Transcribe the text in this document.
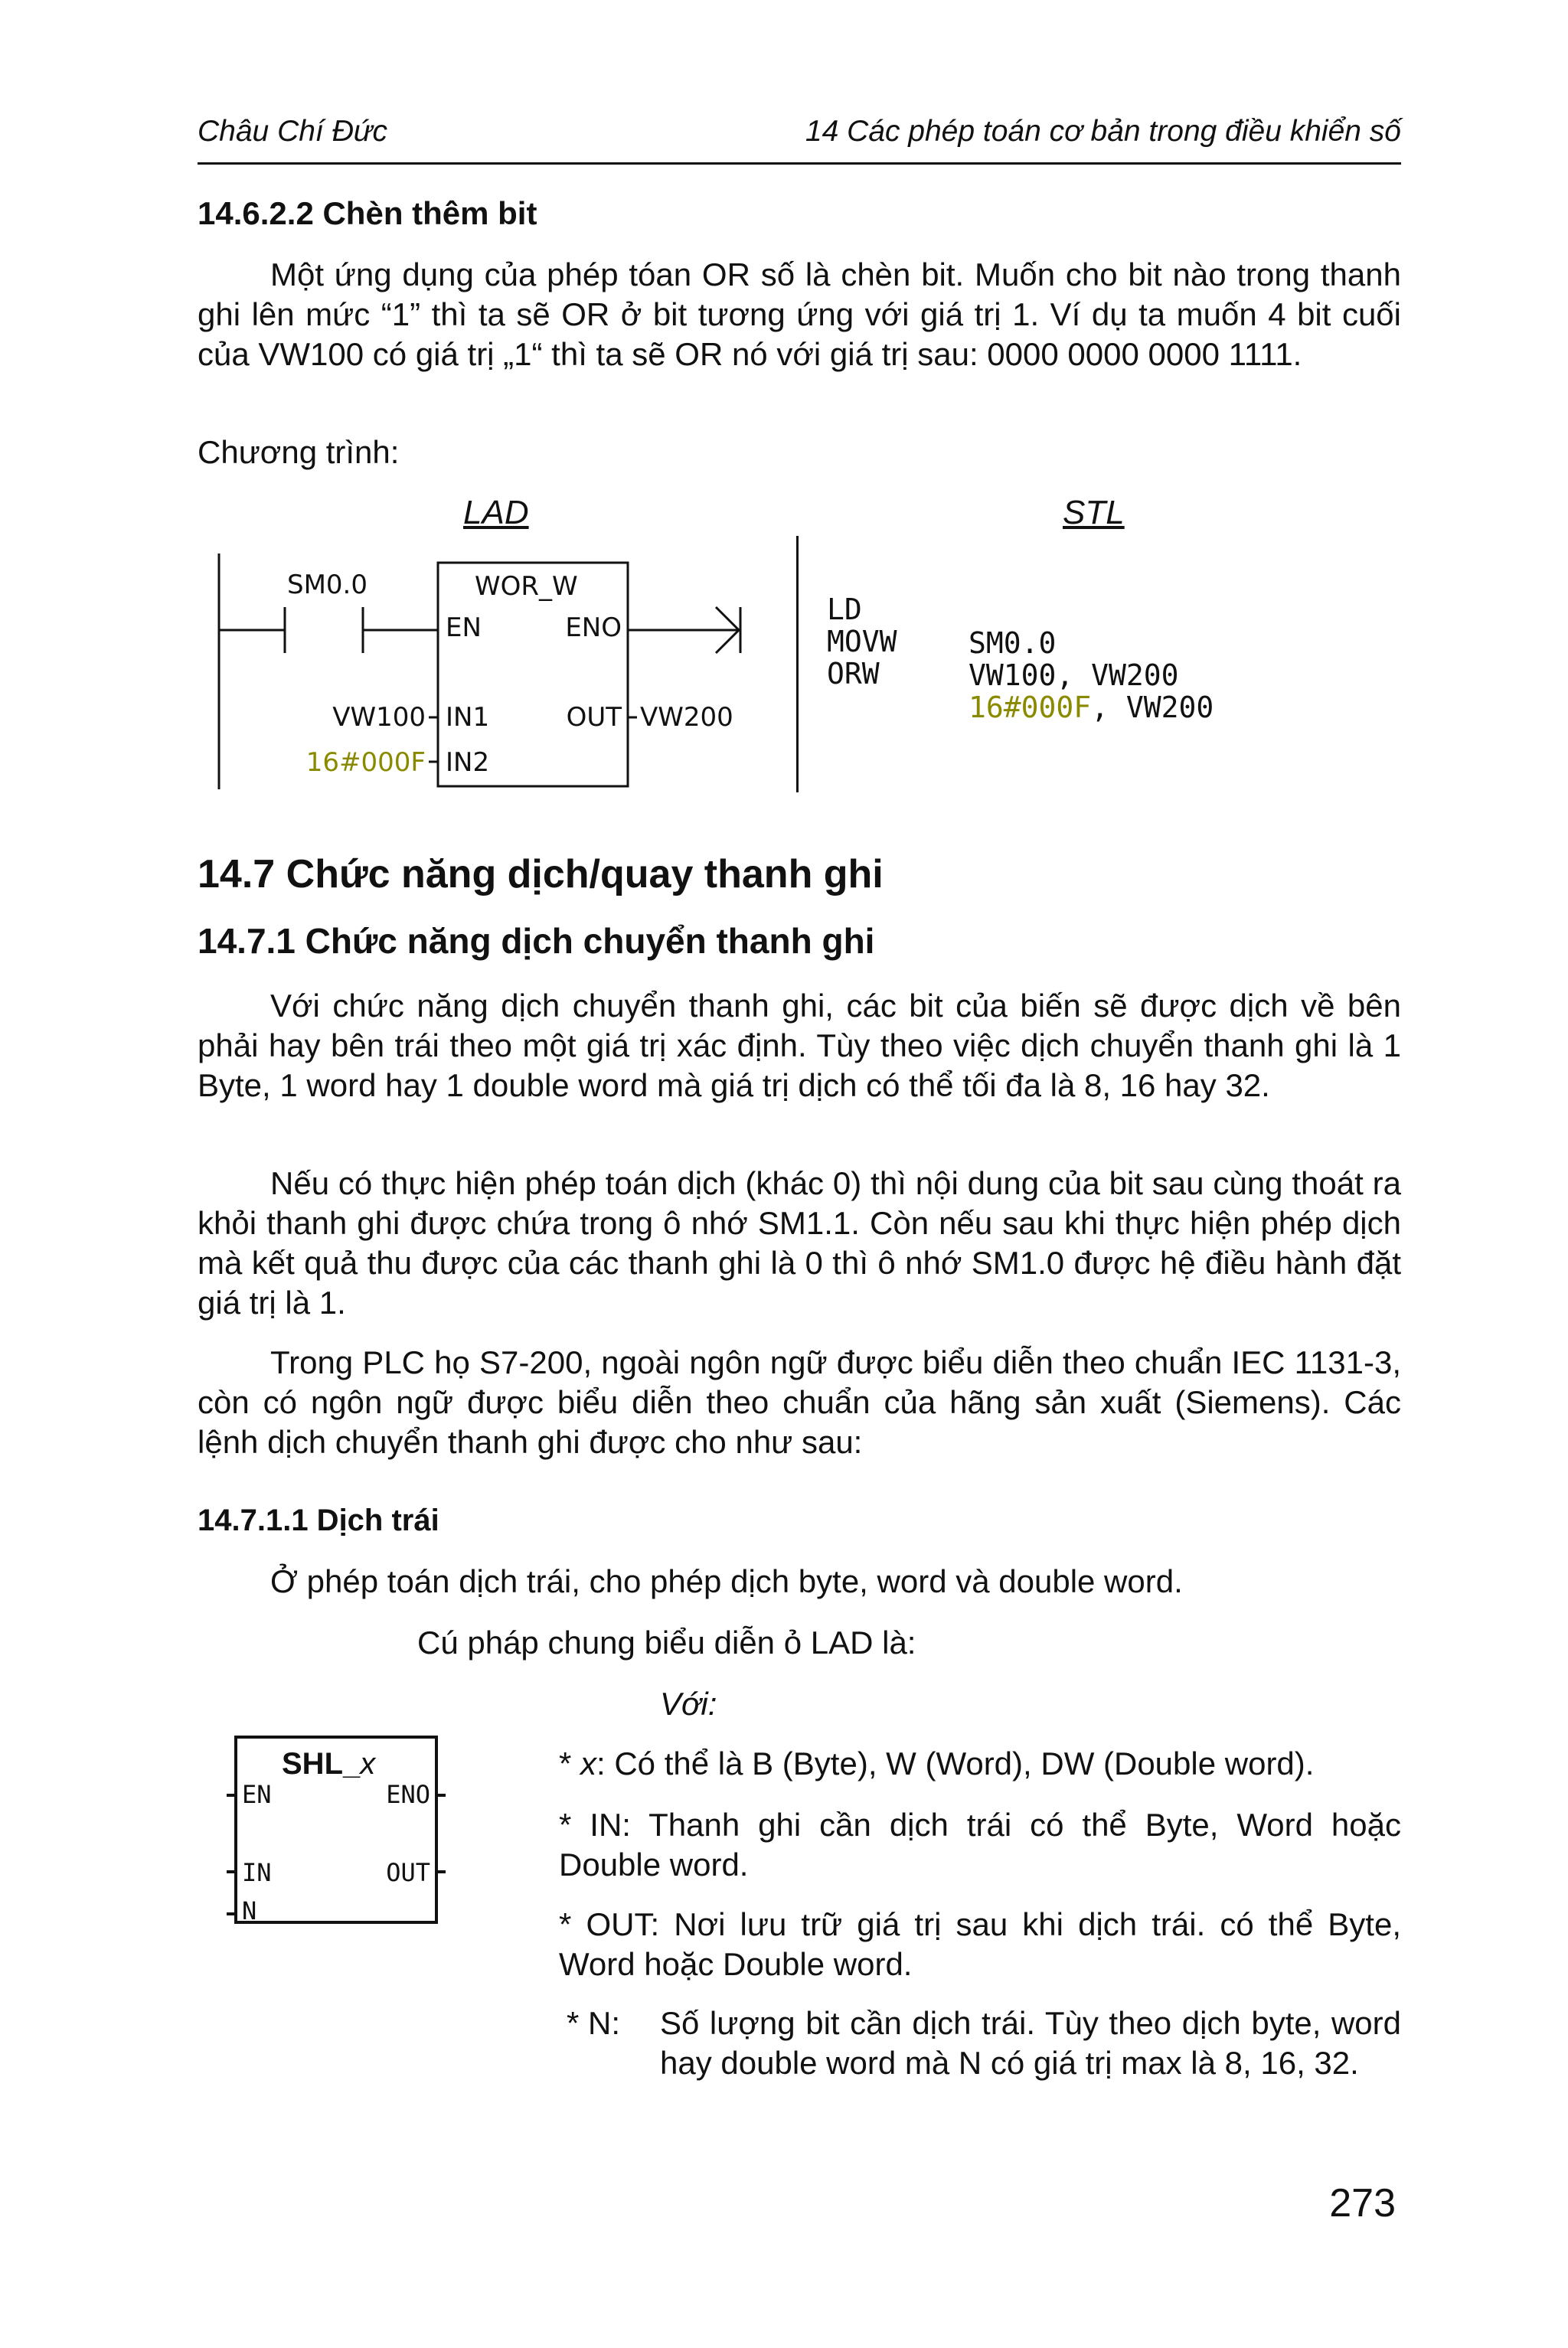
Châu Chí Đức	14 Các phép toán cơ bản trong điều khiển số
14.6.2.2 Chèn thêm bit

Một ứng dụng của phép tóan OR số là chèn bit. Muốn cho bit nào trong thanh ghi lên mức “1” thì ta sẽ OR ở bit tương ứng với giá trị 1. Ví dụ ta muốn 4 bit cuối của VW100 có giá trị „1“ thì ta sẽ OR nó với giá trị sau: 0000 0000 0000 1111.

Chương trình:

LAD	STL
SM0.0	WOR_W
EN	ENO
IN1
IN2
OUT
VW100
16#000F
VW200

LD

SM0.0

MOVW

VW100, VW200

ORW

16#000F, VW200

14.7 Chức năng dịch/quay thanh ghi
14.7.1 Chức năng dịch chuyển thanh ghi

Với chức năng dịch chuyển thanh ghi, các bit của biến sẽ được dịch về bên phải hay bên trái theo một giá trị xác định. Tùy theo việc dịch chuyển thanh ghi là 1 Byte, 1 word hay 1 double word mà giá trị dịch có thể tối đa là 8, 16 hay 32.

Nếu có thực hiện phép toán dịch (khác 0) thì nội dung của bit sau cùng thoát ra khỏi thanh ghi được chứa trong ô nhớ SM1.1. Còn nếu sau khi thực hiện phép dịch mà kết quả thu được của các thanh ghi là 0 thì ô nhớ SM1.0 được hệ điều hành đặt giá trị là 1.

Trong PLC họ S7-200, ngoài ngôn ngữ được biểu diễn theo chuẩn IEC 1131-3, còn có ngôn ngữ được biểu diễn theo chuẩn của hãng sản xuất (Siemens). Các lệnh dịch chuyển thanh ghi được cho như sau:

14.7.1.1 Dịch trái

Ở phép toán dịch trái, cho phép dịch byte, word và double word.

Cú pháp chung biểu diễn ỏ LAD là:

Với:

SHL_x
EN	ENO
IN	OUT
N

* x: Có thể là B (Byte), W (Word), DW (Double word).

* IN: Thanh ghi cần dịch trái có thể Byte, Word hoặc Double word.

* OUT: Nơi lưu trữ giá trị sau khi dịch trái. có thể Byte, Word hoặc Double word.

* N: Số lượng bit cần dịch trái. Tùy theo dịch byte, word hay double word mà N có giá trị max là 8, 16, 32.

273
